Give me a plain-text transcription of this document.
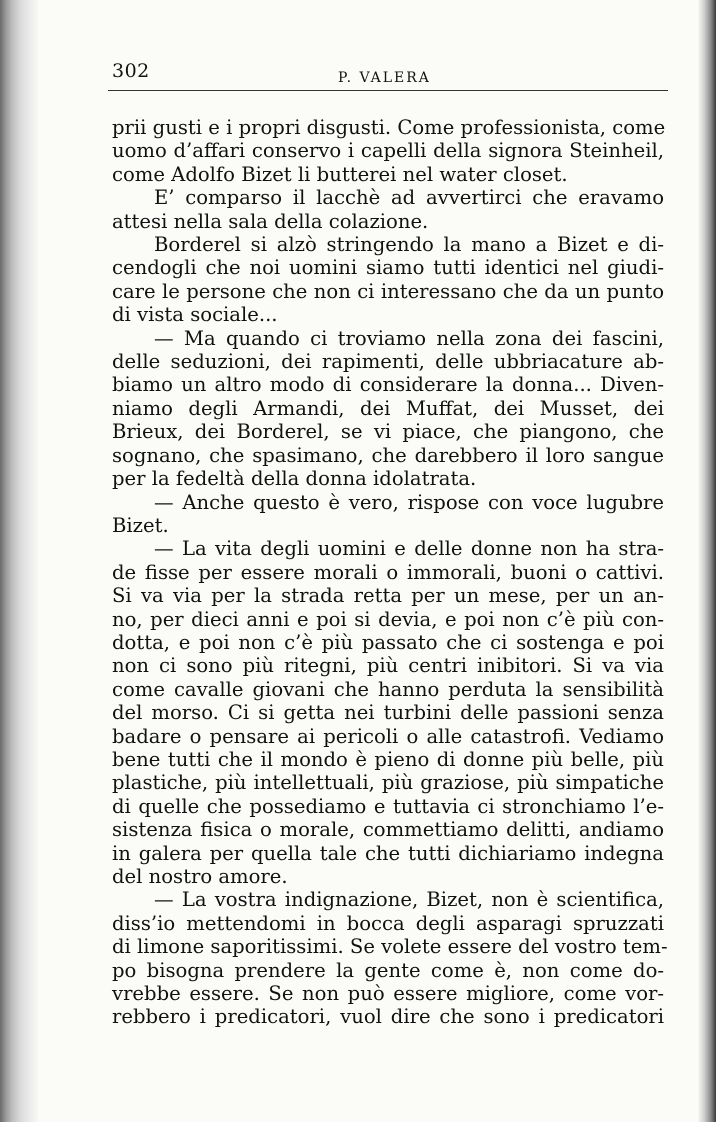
302	P. VALERA
prii gusti e i propri disgusti. Come professionista, come
uomo d’affari conservo i capelli della signora Steinheil,
come Adolfo Bizet li butterei nel water closet.
E’ comparso il lacchè ad avvertirci che eravamo
attesi nella sala della colazione.
Borderel si alzò stringendo la mano a Bizet e di-
cendogli che noi uomini siamo tutti identici nel giudi-
care le persone che non ci interessano che da un punto
di vista sociale...
— Ma quando ci troviamo nella zona dei fascini,
delle seduzioni, dei rapimenti, delle ubbriacature ab-
biamo un altro modo di considerare la donna... Diven-
niamo degli Armandi, dei Muffat, dei Musset, dei
Brieux, dei Borderel, se vi piace, che piangono, che
sognano, che spasimano, che darebbero il loro sangue
per la fedeltà della donna idolatrata.
— Anche questo è vero, rispose con voce lugubre
Bizet.
— La vita degli uomini e delle donne non ha stra-
de fisse per essere morali o immorali, buoni o cattivi.
Si va via per la strada retta per un mese, per un an-
no, per dieci anni e poi si devia, e poi non c’è più con-
dotta, e poi non c’è più passato che ci sostenga e poi
non ci sono più ritegni, più centri inibitori. Si va via
come cavalle giovani che hanno perduta la sensibilità
del morso. Ci si getta nei turbini delle passioni senza
badare o pensare ai pericoli o alle catastrofi. Vediamo
bene tutti che il mondo è pieno di donne più belle, più
plastiche, più intellettuali, più graziose, più simpatiche
di quelle che possediamo e tuttavia ci stronchiamo l’e-
sistenza fisica o morale, commettiamo delitti, andiamo
in galera per quella tale che tutti dichiariamo indegna
del nostro amore.
— La vostra indignazione, Bizet, non è scientifica,
diss’io mettendomi in bocca degli asparagi spruzzati
di limone saporitissimi. Se volete essere del vostro tem-
po bisogna prendere la gente come è, non come do-
vrebbe essere. Se non può essere migliore, come vor-
rebbero i predicatori, vuol dire che sono i predicatori
